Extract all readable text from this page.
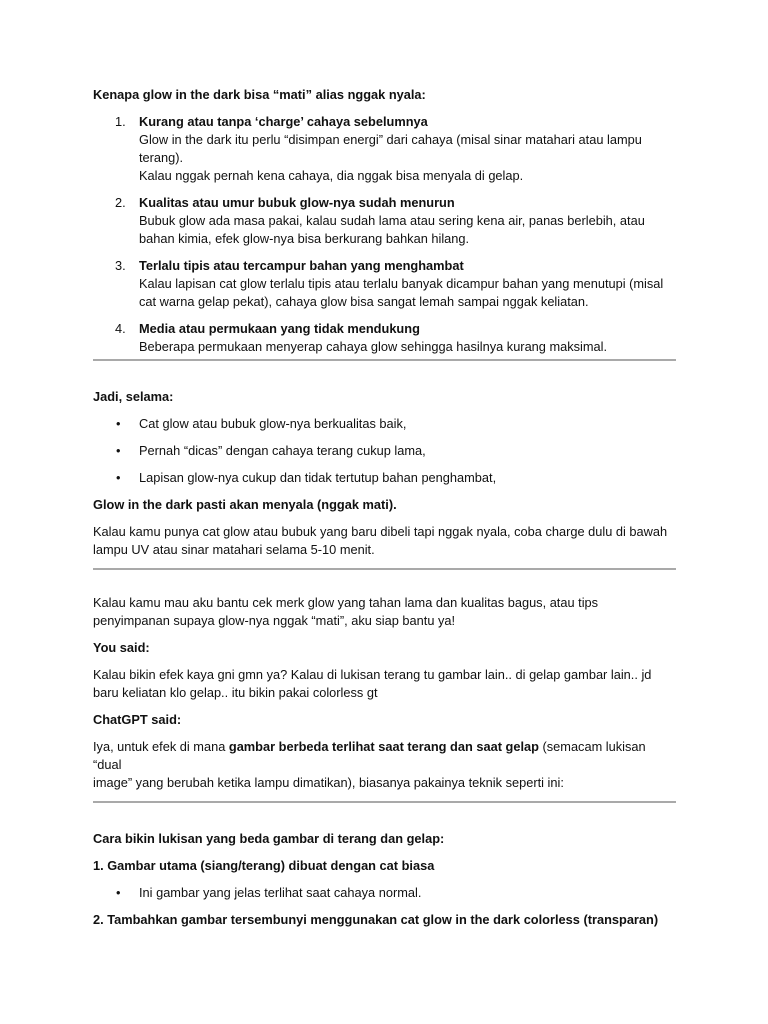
Kenapa glow in the dark bisa “mati” alias nggak nyala:
1. Kurang atau tanpa ‘charge’ cahaya sebelumnya
Glow in the dark itu perlu “disimpan energi” dari cahaya (misal sinar matahari atau lampu
terang).
Kalau nggak pernah kena cahaya, dia nggak bisa menyala di gelap.
2. Kualitas atau umur bubuk glow-nya sudah menurun
Bubuk glow ada masa pakai, kalau sudah lama atau sering kena air, panas berlebih, atau
bahan kimia, efek glow-nya bisa berkurang bahkan hilang.
3. Terlalu tipis atau tercampur bahan yang menghambat
Kalau lapisan cat glow terlalu tipis atau terlalu banyak dicampur bahan yang menutupi (misal
cat warna gelap pekat), cahaya glow bisa sangat lemah sampai nggak keliatan.
4. Media atau permukaan yang tidak mendukung
Beberapa permukaan menyerap cahaya glow sehingga hasilnya kurang maksimal.
Jadi, selama:
• Cat glow atau bubuk glow-nya berkualitas baik,
• Pernah “dicas” dengan cahaya terang cukup lama,
• Lapisan glow-nya cukup dan tidak tertutup bahan penghambat,
Glow in the dark pasti akan menyala (nggak mati).
Kalau kamu punya cat glow atau bubuk yang baru dibeli tapi nggak nyala, coba charge dulu di bawah
lampu UV atau sinar matahari selama 5-10 menit.
Kalau kamu mau aku bantu cek merk glow yang tahan lama dan kualitas bagus, atau tips
penyimpanan supaya glow-nya nggak “mati”, aku siap bantu ya!
You said:
Kalau bikin efek kaya gni gmn ya? Kalau di lukisan terang tu gambar lain.. di gelap gambar lain.. jd
baru keliatan klo gelap.. itu bikin pakai colorless gt
ChatGPT said:
Iya, untuk efek di mana gambar berbeda terlihat saat terang dan saat gelap (semacam lukisan “dual
image” yang berubah ketika lampu dimatikan), biasanya pakainya teknik seperti ini:
Cara bikin lukisan yang beda gambar di terang dan gelap:
1. Gambar utama (siang/terang) dibuat dengan cat biasa
• Ini gambar yang jelas terlihat saat cahaya normal.
2. Tambahkan gambar tersembunyi menggunakan cat glow in the dark colorless (transparan)
